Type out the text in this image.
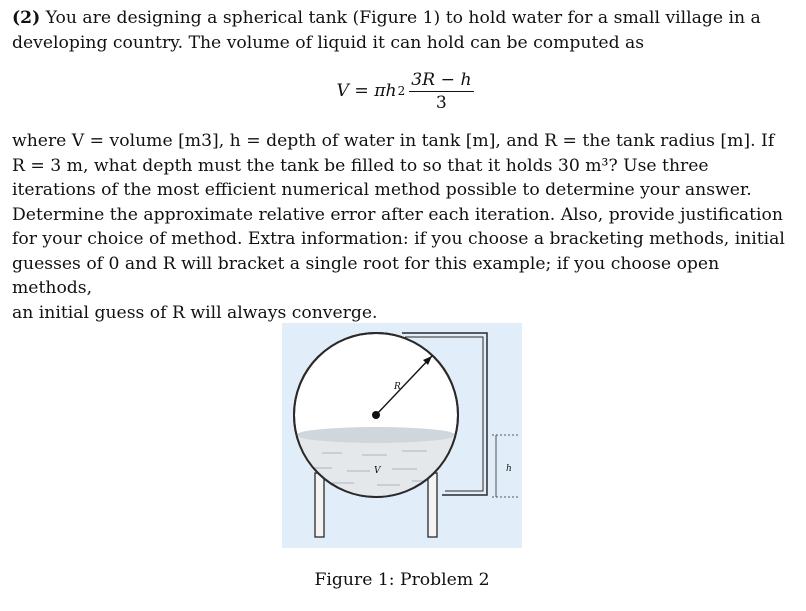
(2) You are designing a spherical tank (Figure 1) to hold water for a small village in a developing country. The volume of liquid it can hold can be computed as

V = πh $2 \frac{3R - h}{3}$

where V = volume [m3], h = depth of water in tank [m], and R = the tank radius [m]. If
R = 3 m, what depth must the tank be filled to so that it holds 30 m³? Use three
iterations of the most efficient numerical method possible to determine your answer.
Determine the approximate relative error after each iteration. Also, provide justification
for your choice of method. Extra information: if you choose a bracketing methods, initial
guesses of 0 and R will bracket a single root for this example; if you choose open methods,
an initial guess of R will always converge.

R
V	h
Figure 1: Problem 2
